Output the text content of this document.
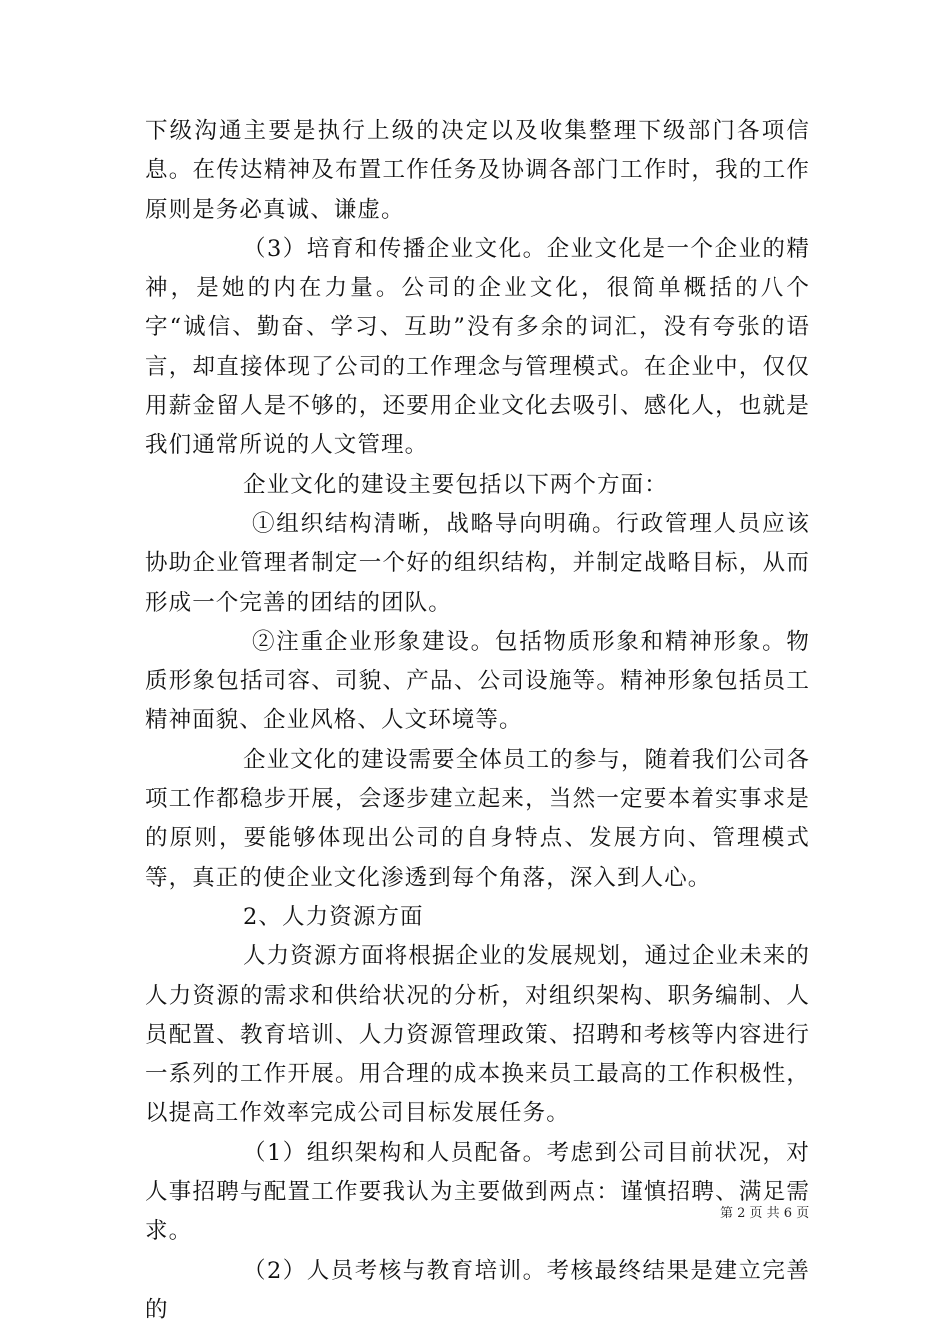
下级沟通主要是执行上级的决定以及收集整理下级部门各项信息。在传达精神及布置工作任务及协调各部门工作时，我的工作原则是务必真诚、谦虚。

（3）培育和传播企业文化。企业文化是一个企业的精神，是她的内在力量。公司的企业文化，很简单概括的八个字“诚信、勤奋、学习、互助”没有多余的词汇，没有夸张的语言，却直接体现了公司的工作理念与管理模式。在企业中，仅仅用薪金留人是不够的，还要用企业文化去吸引、感化人，也就是我们通常所说的人文管理。

企业文化的建设主要包括以下两个方面：

①组织结构清晰，战略导向明确。行政管理人员应该协助企业管理者制定一个好的组织结构，并制定战略目标，从而形成一个完善的团结的团队。

②注重企业形象建设。包括物质形象和精神形象。物质形象包括司容、司貌、产品、公司设施等。精神形象包括员工精神面貌、企业风格、人文环境等。

企业文化的建设需要全体员工的参与，随着我们公司各项工作都稳步开展，会逐步建立起来，当然一定要本着实事求是的原则，要能够体现出公司的自身特点、发展方向、管理模式等，真正的使企业文化渗透到每个角落，深入到人心。

2、人力资源方面

人力资源方面将根据企业的发展规划，通过企业未来的人力资源的需求和供给状况的分析，对组织架构、职务编制、人员配置、教育培训、人力资源管理政策、招聘和考核等内容进行一系列的工作开展。用合理的成本换来员工最高的工作积极性，以提高工作效率完成公司目标发展任务。

（1）组织架构和人员配备。考虑到公司目前状况，对人事招聘与配置工作要我认为主要做到两点：谨慎招聘、满足需求。

（2）人员考核与教育培训。考核最终结果是建立完善的

第 2 页 共 6 页
